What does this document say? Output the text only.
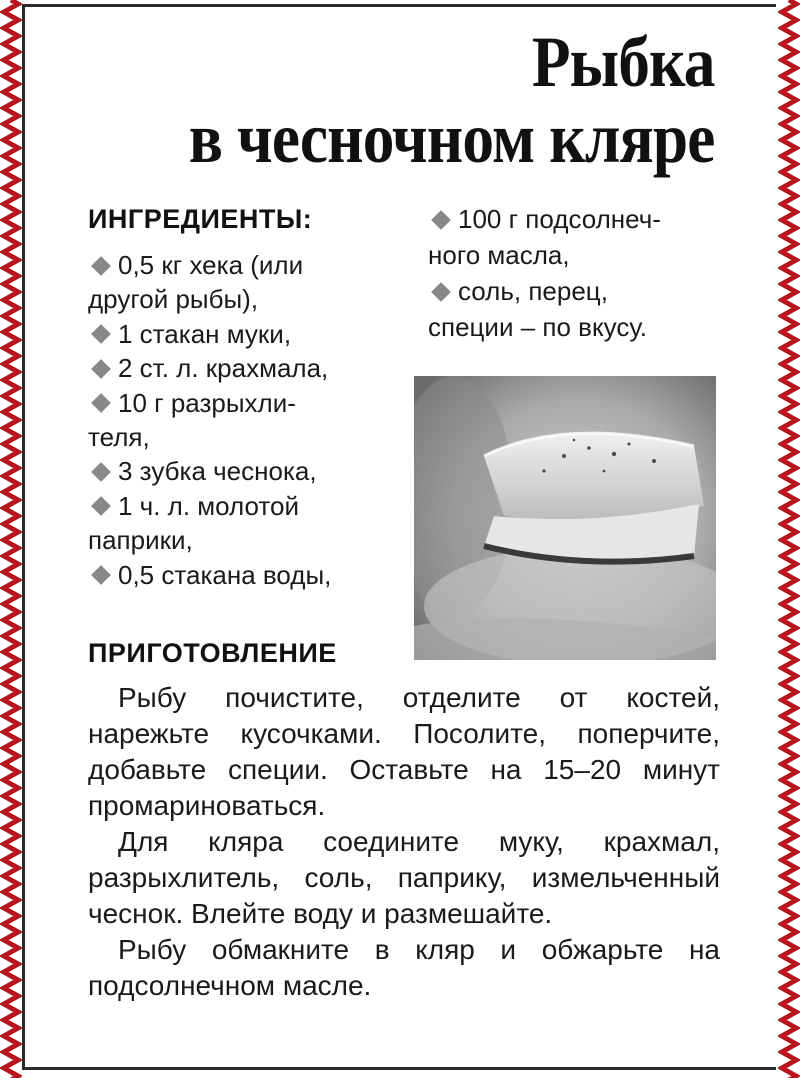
Рыбка
в чесночном кляре
ИНГРЕДИЕНТЫ:
0,5 кг хека (или
другой рыбы),
1 стакан муки,
2 ст. л. крахмала,
10 г разрыхли-
теля,
3 зубка чеснока,
1 ч. л. молотой
паприки,
0,5 стакана воды,
100 г подсолнеч-
ного масла,
соль, перец,
специи – по вкусу.
ПРИГОТОВЛЕНИЕ

Рыбу почистите, отделите от костей, нарежьте кусочками. Посолите, поперчите, добавьте специи. Оставьте на 15–20 минут промариноваться.

Для кляра соедините муку, крахмал, разрыхлитель, соль, паприку, измельченный чеснок. Влейте воду и размешайте.

Рыбу обмакните в кляр и обжарьте на подсолнечном масле.
